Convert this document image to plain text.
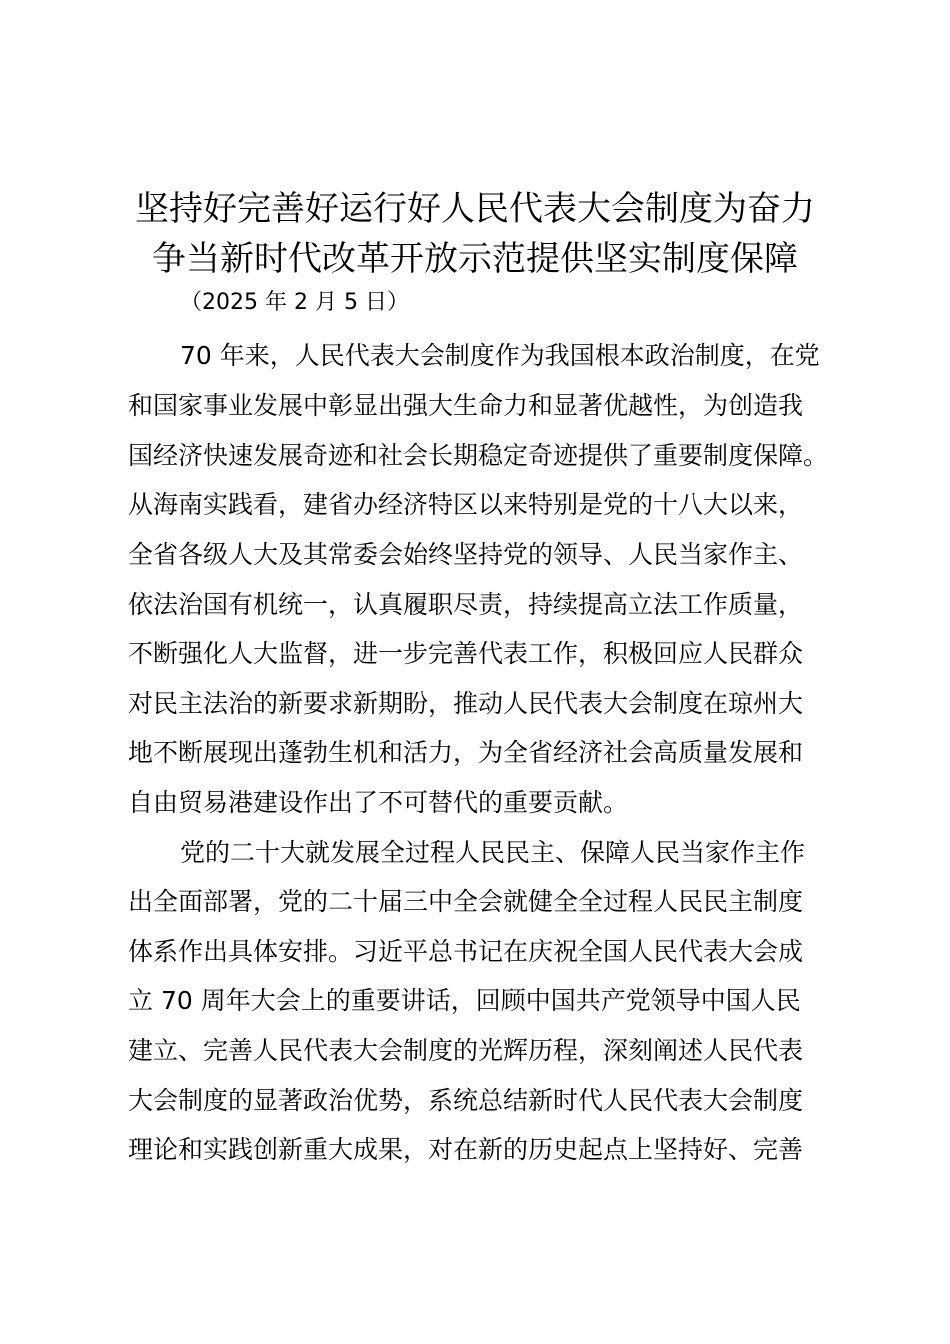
坚持好完善好运行好人民代表大会制度为奋力
争当新时代改革开放示范提供坚实制度保障
（2025 年 2 月 5 日）
70 年来，人民代表大会制度作为我国根本政治制度，在党
和国家事业发展中彰显出强大生命力和显著优越性，为创造我
国经济快速发展奇迹和社会长期稳定奇迹提供了重要制度保障。
从海南实践看，建省办经济特区以来特别是党的十八大以来，
全省各级人大及其常委会始终坚持党的领导、人民当家作主、
依法治国有机统一，认真履职尽责，持续提高立法工作质量，
不断强化人大监督，进一步完善代表工作，积极回应人民群众
对民主法治的新要求新期盼，推动人民代表大会制度在琼州大
地不断展现出蓬勃生机和活力，为全省经济社会高质量发展和
自由贸易港建设作出了不可替代的重要贡献。
党的二十大就发展全过程人民民主、保障人民当家作主作
出全面部署，党的二十届三中全会就健全全过程人民民主制度
体系作出具体安排。习近平总书记在庆祝全国人民代表大会成
立 70 周年大会上的重要讲话，回顾中国共产党领导中国人民
建立、完善人民代表大会制度的光辉历程，深刻阐述人民代表
大会制度的显著政治优势，系统总结新时代人民代表大会制度
理论和实践创新重大成果，对在新的历史起点上坚持好、完善
